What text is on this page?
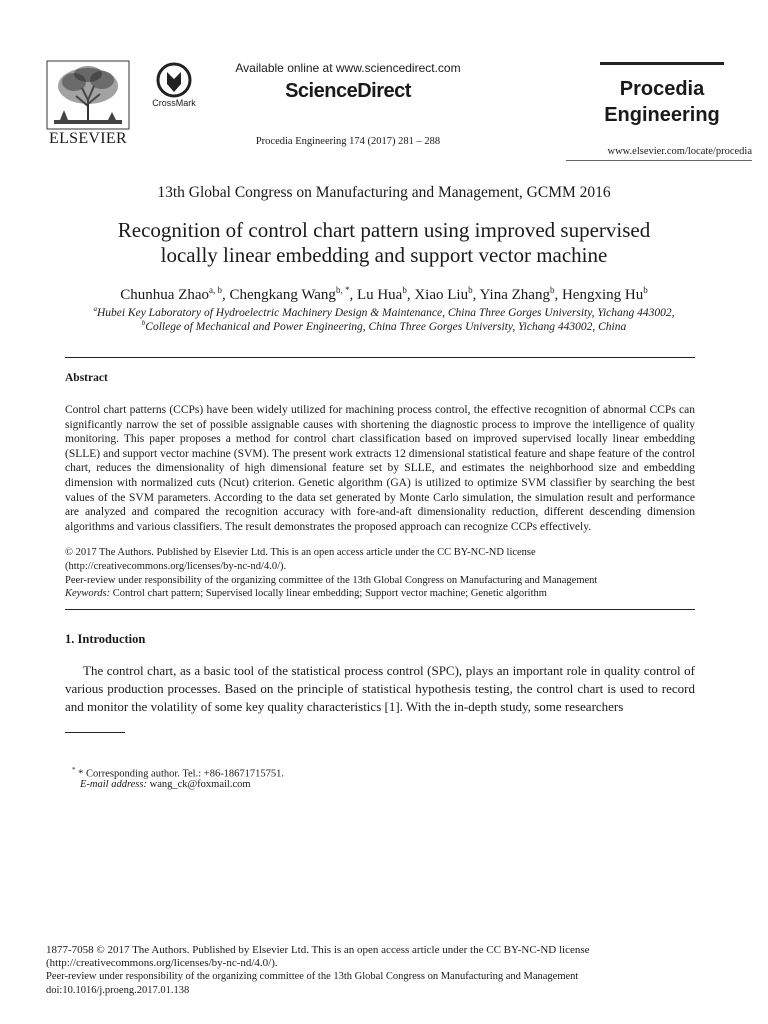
ELSEVIER
CrossMark
Available online at www.sciencedirect.com
ScienceDirect
Procedia Engineering 174 (2017) 281 – 288
Procedia
Engineering
www.elsevier.com/locate/procedia
13th Global Congress on Manufacturing and Management, GCMM 2016
Recognition of control chart pattern using improved supervised
locally linear embedding and support vector machine
Chunhua Zhao$^{a, b}$, Chengkang Wang$^{b, *}$, Lu Hua$^b$, Xiao Liu$^b$, Yina Zhang$^b$, Hengxing Hu$^b$
$^a$Hubei Key Laboratory of Hydroelectric Machinery Design & Maintenance, China Three Gorges University, Yichang 443002,
$^b$College of Mechanical and Power Engineering, China Three Gorges University, Yichang 443002, China
Abstract
Control chart patterns (CCPs) have been widely utilized for machining process control, the effective recognition of abnormal CCPs can significantly narrow the set of possible assignable causes with shortening the diagnostic process to improve the intelligence of quality monitoring. This paper proposes a method for control chart classification based on improved supervised locally linear embedding (SLLE) and support vector machine (SVM). The present work extracts 12 dimensional statistical feature and shape feature of the control chart, reduces the dimensionality of high dimensional feature set by SLLE, and estimates the neighborhood size and embedding dimension with normalized cuts (Ncut) criterion. Genetic algorithm (GA) is utilized to optimize SVM classifier by searching the best values of the SVM parameters. According to the data set generated by Monte Carlo simulation, the simulation result and performance are analyzed and compared the recognition accuracy with fore-and-aft dimensionality reduction, different descending dimension algorithms and various classifiers. The result demonstrates the proposed approach can recognize CCPs effectively.
© 2017 The Authors. Published by Elsevier Ltd. This is an open access article under the CC BY-NC-ND license
(http://creativecommons.org/licenses/by-nc-nd/4.0/).
Peer-review under responsibility of the organizing committee of the 13th Global Congress on Manufacturing and Management
Keywords: Control chart pattern; Supervised locally linear embedding; Support vector machine; Genetic algorithm
1. Introduction
The control chart, as a basic tool of the statistical process control (SPC), plays an important role in quality control of various production processes. Based on the principle of statistical hypothesis testing, the control chart is used to record and monitor the volatility of some key quality characteristics [1]. With the in-depth study, some researchers
* * Corresponding author. Tel.: +86-18671715751.
E-mail address: wang_ck@foxmail.com
1877-7058 © 2017 The Authors. Published by Elsevier Ltd. This is an open access article under the CC BY-NC-ND license
(http://creativecommons.org/licenses/by-nc-nd/4.0/).
Peer-review under responsibility of the organizing committee of the 13th Global Congress on Manufacturing and Management
doi:10.1016/j.proeng.2017.01.138
